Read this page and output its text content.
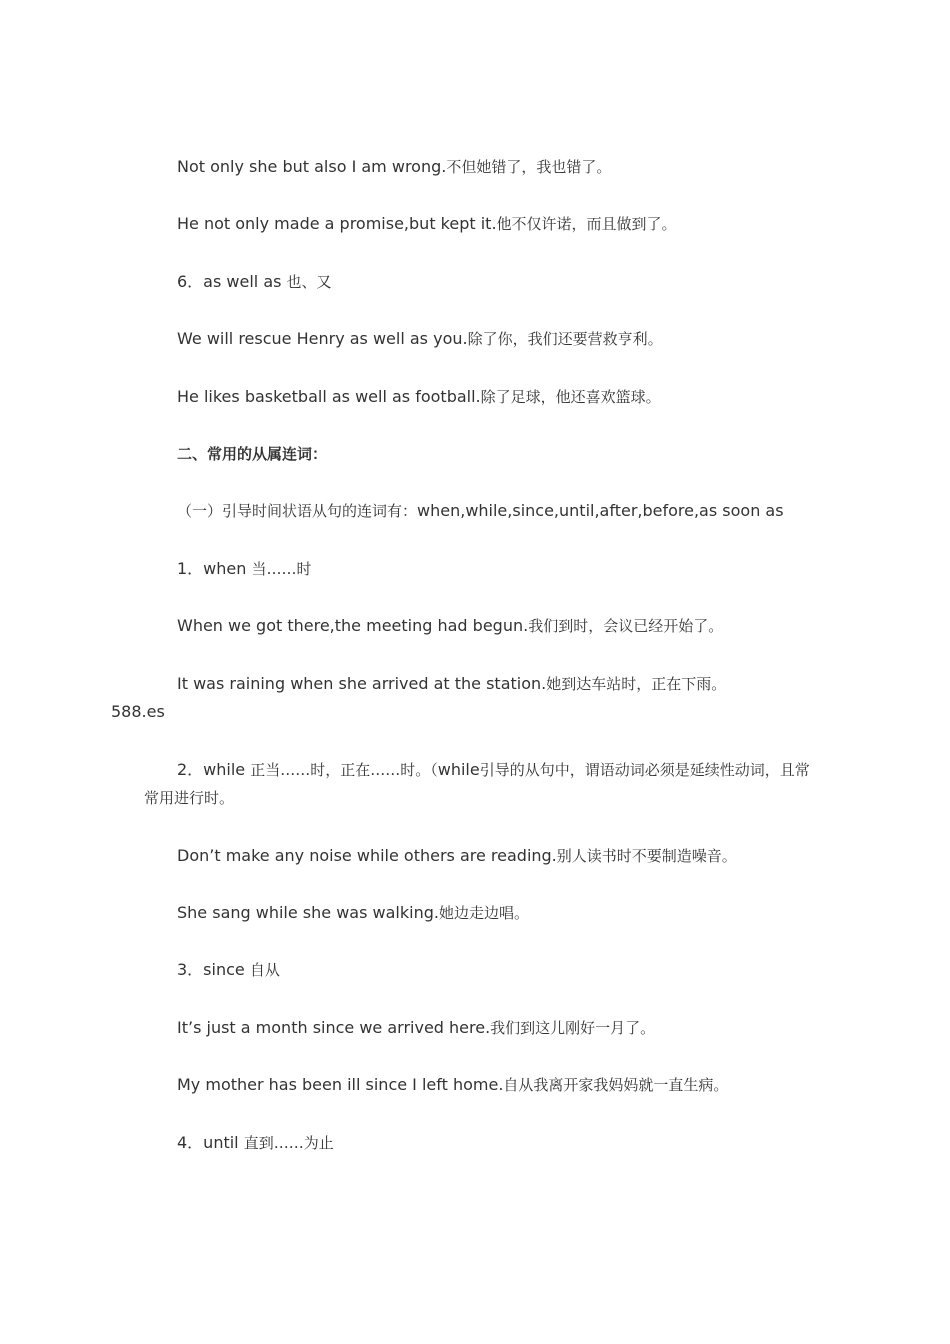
Not only she but also I am wrong.不但她错了，我也错了。

He not only made a promise,but kept it.他不仅许诺，而且做到了。

6．as well as 也、又

We will rescue Henry as well as you.除了你，我们还要营救亨利。

He likes basketball as well as football.除了足球，他还喜欢篮球。

二、常用的从属连词：

（一）引导时间状语从句的连词有：when,while,since,until,after,before,as soon as

1．when 当……时

When we got there,the meeting had begun.我们到时，会议已经开始了。

It was raining when she arrived at the station.她到达车站时，正在下雨。
588.es

2．while 正当……时，正在……时。（while引导的从句中，谓语动词必须是延续性动词，且常常用进行时。

Don’t make any noise while others are reading.别人读书时不要制造噪音。

She sang while she was walking.她边走边唱。

3．since 自从

It’s just a month since we arrived here.我们到这儿刚好一月了。

My mother has been ill since I left home.自从我离开家我妈妈就一直生病。

4．until 直到……为止
